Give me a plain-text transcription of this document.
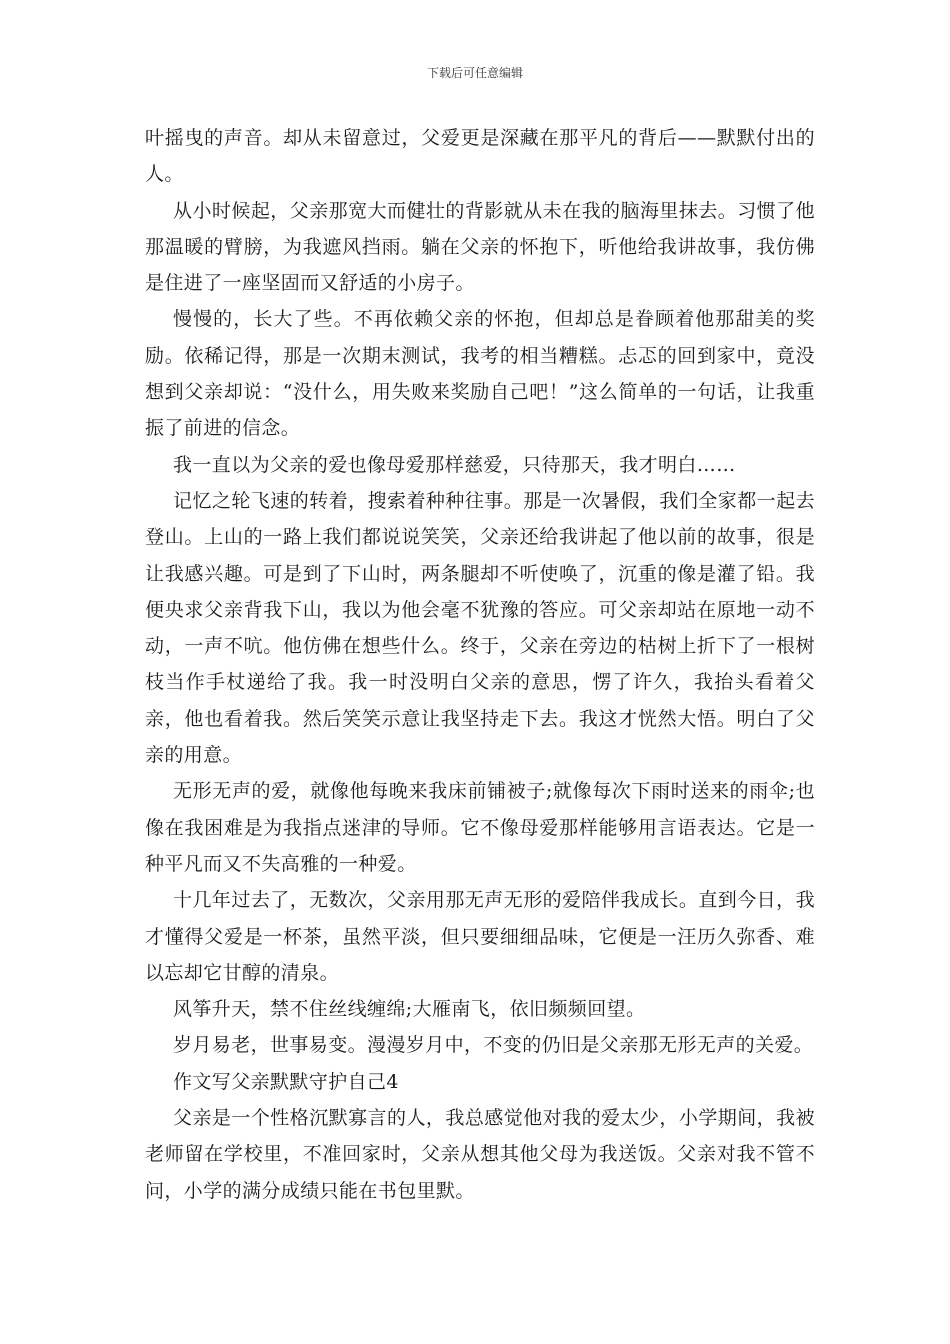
下载后可任意编辑

叶摇曳的声音。却从未留意过，父爱更是深藏在那平凡的背后——默默付出的人。

从小时候起，父亲那宽大而健壮的背影就从未在我的脑海里抹去。习惯了他那温暖的臂膀，为我遮风挡雨。躺在父亲的怀抱下，听他给我讲故事，我仿佛是住进了一座坚固而又舒适的小房子。

慢慢的，长大了些。不再依赖父亲的怀抱，但却总是眷顾着他那甜美的奖励。依稀记得，那是一次期末测试，我考的相当糟糕。忐忑的回到家中，竟没想到父亲却说：“没什么，用失败来奖励自己吧！”这么简单的一句话，让我重振了前进的信念。

我一直以为父亲的爱也像母爱那样慈爱，只待那天，我才明白……

记忆之轮飞速的转着，搜索着种种往事。那是一次暑假，我们全家都一起去登山。上山的一路上我们都说说笑笑，父亲还给我讲起了他以前的故事，很是让我感兴趣。可是到了下山时，两条腿却不听使唤了，沉重的像是灌了铅。我便央求父亲背我下山，我以为他会毫不犹豫的答应。可父亲却站在原地一动不动，一声不吭。他仿佛在想些什么。终于，父亲在旁边的枯树上折下了一根树枝当作手杖递给了我。我一时没明白父亲的意思，愣了许久，我抬头看着父亲，他也看着我。然后笑笑示意让我坚持走下去。我这才恍然大悟。明白了父亲的用意。

无形无声的爱，就像他每晚来我床前铺被子;就像每次下雨时送来的雨伞;也像在我困难是为我指点迷津的导师。它不像母爱那样能够用言语表达。它是一种平凡而又不失高雅的一种爱。

十几年过去了，无数次，父亲用那无声无形的爱陪伴我成长。直到今日，我才懂得父爱是一杯茶，虽然平淡，但只要细细品味，它便是一汪历久弥香、难以忘却它甘醇的清泉。

风筝升天，禁不住丝线缠绵;大雁南飞，依旧频频回望。

岁月易老，世事易变。漫漫岁月中，不变的仍旧是父亲那无形无声的关爱。

作文写父亲默默守护自己4

父亲是一个性格沉默寡言的人，我总感觉他对我的爱太少，小学期间，我被老师留在学校里，不准回家时，父亲从想其他父母为我送饭。父亲对我不管不问，小学的满分成绩只能在书包里默。
